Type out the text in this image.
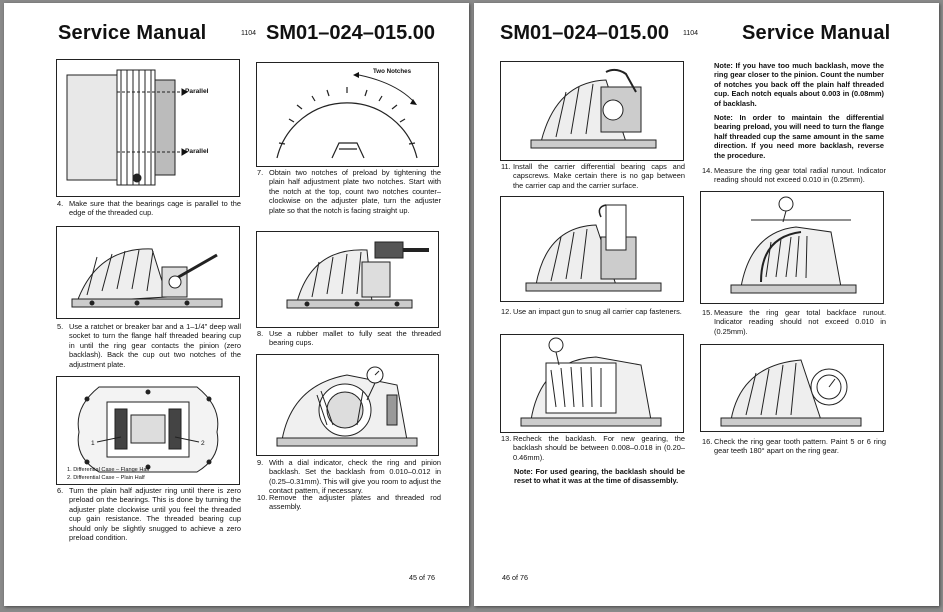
Service Manual	1104 SM01–024–015.00
Parallel
Parallel
4. Make sure that the bearings cage is parallel to the edge of the threaded cup.
5. Use a ratchet or breaker bar and a 1–1/4" deep wall socket to turn the flange half threaded bearing cup in until the ring gear contacts the pinion (zero backlash). Back the cup out two notches of the adjustment plate.
1	2
1. Differential Case – Flange Half
2. Differential Case – Plain Half
6. Turn the plain half adjuster ring until there is zero preload on the bearings. This is done by turning the adjuster plate clockwise until you feel the threaded cup gain resistance. The threaded bearing cup should only be slightly snugged to achieve a zero preload condition.
Two Notches
7. Obtain two notches of preload by tightening the plain half adjustment plate two notches. Start with the notch at the top, count two notches counter–clockwise on the adjuster plate, turn the adjuster plate so that the notch is facing straight up.
8. Use a rubber mallet to fully seat the threaded bearing cups.
9. With a dial indicator, check the ring and pinion backlash. Set the backlash from 0.010–0.012 in (0.25–0.31mm). This will give you room to adjust the contact pattern, if necessary.
10. Remove the adjuster plates and threaded rod assembly.
45 of 76
SM01–024–015.00 1104 Service Manual
11. Install the carrier differential bearing caps and capscrews. Make certain there is no gap between the carrier cap and the carrier surface.
12. Use an impact gun to snug all carrier cap fasteners.
13. Recheck the backlash. For new gearing, the backlash should be between 0.008–0.018 in (0.20–0.46mm).
Note: For used gearing, the backlash should be reset to what it was at the time of disassembly.
Note: If you have too much backlash, move the ring gear closer to the pinion. Count the number of notches you back off the plain half threaded cup. Each notch equals about 0.003 in (0.08mm) of backlash.
Note: In order to maintain the differential bearing preload, you will need to turn the flange half threaded cup the same amount in the same direction. If you need more backlash, reverse the procedure.
14. Measure the ring gear total radial runout. Indicator reading should not exceed 0.010 in (0.25mm).
15. Measure the ring gear total backface runout. Indicator reading should not exceed 0.010 in (0.25mm).
16. Check the ring gear tooth pattern. Paint 5 or 6 ring gear teeth 180° apart on the ring gear.
46 of 76
